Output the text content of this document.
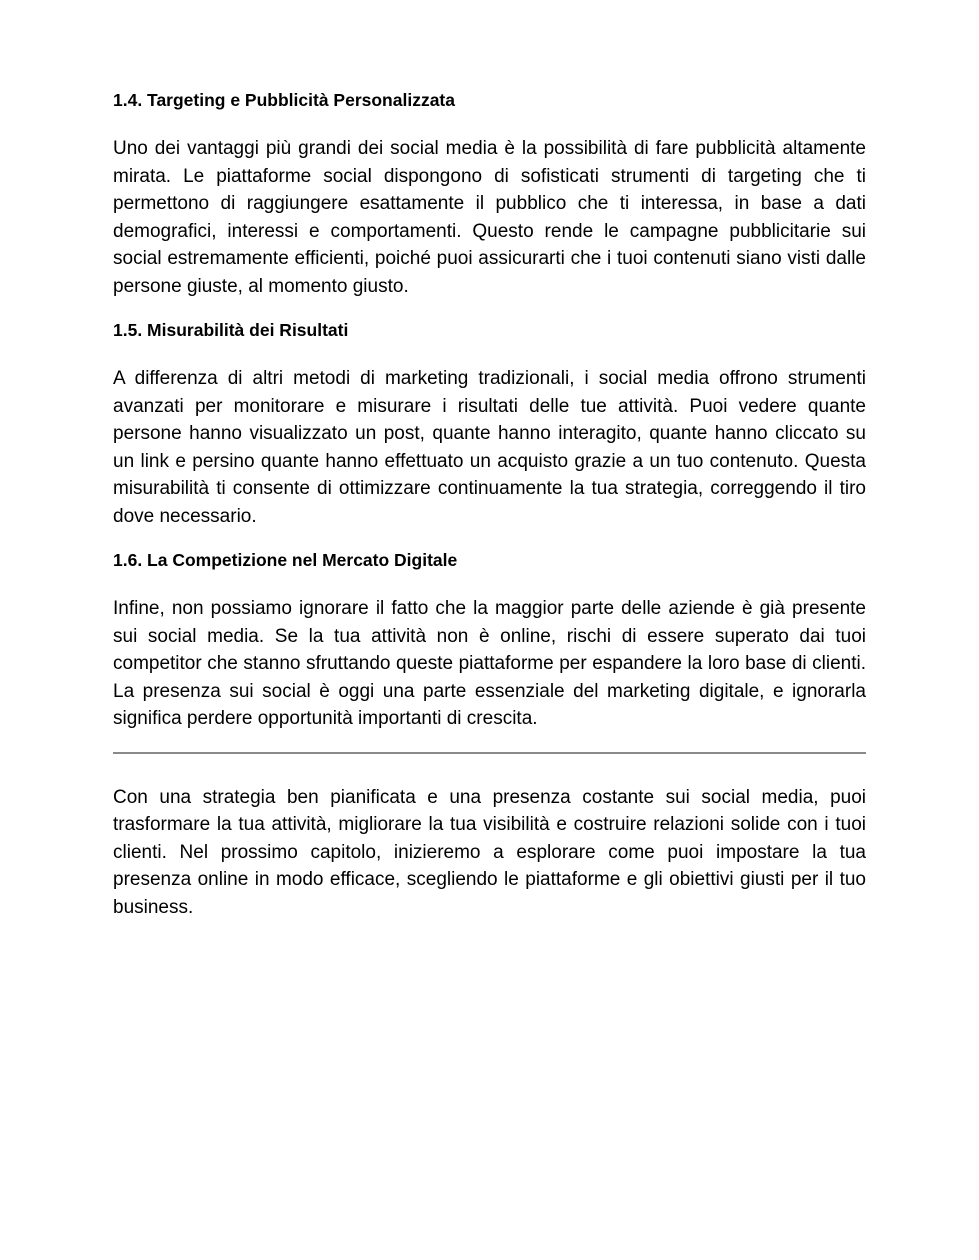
1.4. Targeting e Pubblicità Personalizzata

Uno dei vantaggi più grandi dei social media è la possibilità di fare pubblicità altamente mirata. Le piattaforme social dispongono di sofisticati strumenti di targeting che ti permettono di raggiungere esattamente il pubblico che ti interessa, in base a dati demografici, interessi e comportamenti. Questo rende le campagne pubblicitarie sui social estremamente efficienti, poiché puoi assicurarti che i tuoi contenuti siano visti dalle persone giuste, al momento giusto.

1.5. Misurabilità dei Risultati

A differenza di altri metodi di marketing tradizionali, i social media offrono strumenti avanzati per monitorare e misurare i risultati delle tue attività. Puoi vedere quante persone hanno visualizzato un post, quante hanno interagito, quante hanno cliccato su un link e persino quante hanno effettuato un acquisto grazie a un tuo contenuto. Questa misurabilità ti consente di ottimizzare continuamente la tua strategia, correggendo il tiro dove necessario.

1.6. La Competizione nel Mercato Digitale

Infine, non possiamo ignorare il fatto che la maggior parte delle aziende è già presente sui social media. Se la tua attività non è online, rischi di essere superato dai tuoi competitor che stanno sfruttando queste piattaforme per espandere la loro base di clienti. La presenza sui social è oggi una parte essenziale del marketing digitale, e ignorarla significa perdere opportunità importanti di crescita.

Con una strategia ben pianificata e una presenza costante sui social media, puoi trasformare la tua attività, migliorare la tua visibilità e costruire relazioni solide con i tuoi clienti. Nel prossimo capitolo, inizieremo a esplorare come puoi impostare la tua presenza online in modo efficace, scegliendo le piattaforme e gli obiettivi giusti per il tuo business.
